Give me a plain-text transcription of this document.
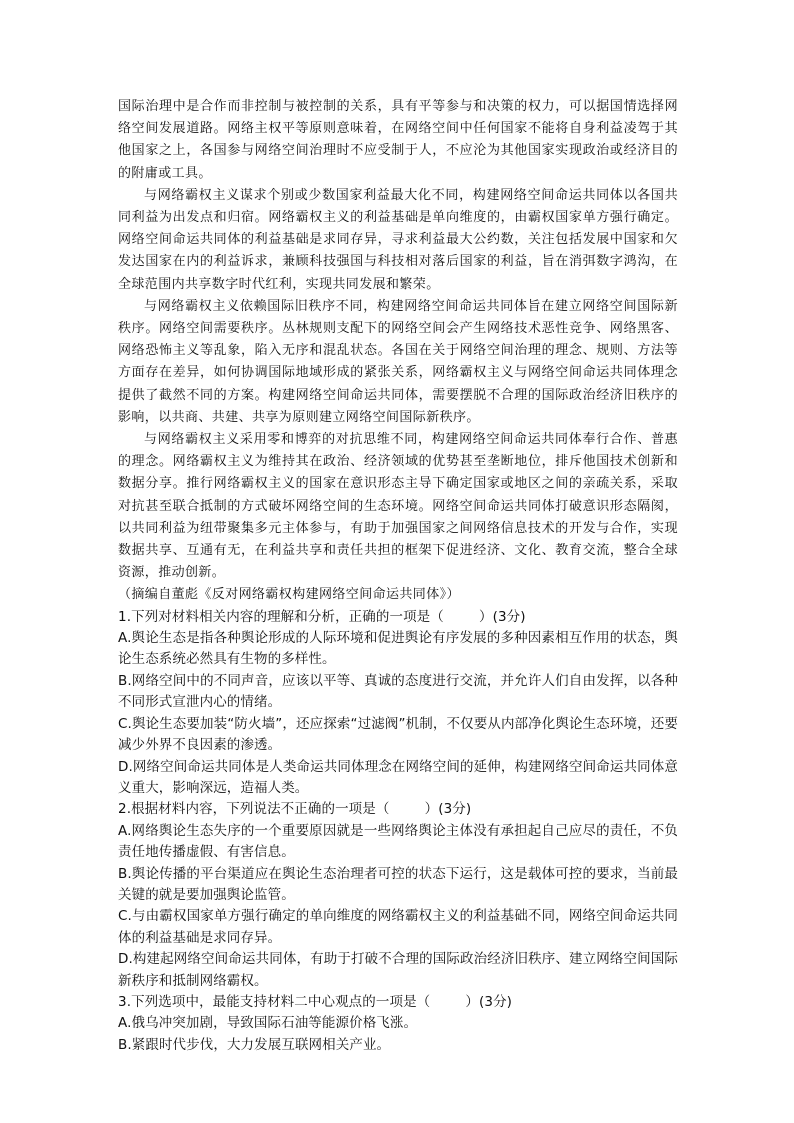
国际治理中是合作而非控制与被控制的关系，具有平等参与和决策的权力，可以据国情选择网络空间发展道路。网络主权平等原则意味着，在网络空间中任何国家不能将自身利益凌驾于其他国家之上，各国参与网络空间治理时不应受制于人，不应沦为其他国家实现政治或经济目的的附庸或工具。

与网络霸权主义谋求个别或少数国家利益最大化不同，构建网络空间命运共同体以各国共同利益为出发点和归宿。网络霸权主义的利益基础是单向维度的，由霸权国家单方强行确定。网络空间命运共同体的利益基础是求同存异，寻求利益最大公约数，关注包括发展中国家和欠发达国家在内的利益诉求，兼顾科技强国与科技相对落后国家的利益，旨在消弭数字鸿沟，在全球范围内共享数字时代红利，实现共同发展和繁荣。

与网络霸权主义依赖国际旧秩序不同，构建网络空间命运共同体旨在建立网络空间国际新秩序。网络空间需要秩序。丛林规则支配下的网络空间会产生网络技术恶性竞争、网络黑客、网络恐怖主义等乱象，陷入无序和混乱状态。各国在关于网络空间治理的理念、规则、方法等方面存在差异，如何协调国际地域形成的紧张关系，网络霸权主义与网络空间命运共同体理念提供了截然不同的方案。构建网络空间命运共同体，需要摆脱不合理的国际政治经济旧秩序的影响，以共商、共建、共享为原则建立网络空间国际新秩序。

与网络霸权主义采用零和博弈的对抗思维不同，构建网络空间命运共同体奉行合作、普惠的理念。网络霸权主义为维持其在政治、经济领域的优势甚至垄断地位，排斥他国技术创新和数据分享。推行网络霸权主义的国家在意识形态主导下确定国家或地区之间的亲疏关系，采取对抗甚至联合抵制的方式破坏网络空间的生态环境。网络空间命运共同体打破意识形态隔阂，以共同利益为纽带聚集多元主体参与，有助于加强国家之间网络信息技术的开发与合作，实现数据共享、互通有无，在利益共享和责任共担的框架下促进经济、文化、教育交流，整合全球资源，推动创新。

（摘编自董彪《反对网络霸权构建网络空间命运共同体》）

1.下列对材料相关内容的理解和分析，正确的一项是（        ）(3分)

A.舆论生态是指各种舆论形成的人际环境和促进舆论有序发展的多种因素相互作用的状态，舆论生态系统必然具有生物的多样性。

B.网络空间中的不同声音，应该以平等、真诚的态度进行交流，并允许人们自由发挥，以各种不同形式宣泄内心的情绪。

C.舆论生态要加装“防火墙”，还应探索“过滤阀”机制，不仅要从内部净化舆论生态环境，还要减少外界不良因素的渗透。

D.网络空间命运共同体是人类命运共同体理念在网络空间的延伸，构建网络空间命运共同体意义重大，影响深远，造福人类。

2.根据材料内容，下列说法不正确的一项是（        ）(3分)

A.网络舆论生态失序的一个重要原因就是一些网络舆论主体没有承担起自己应尽的责任，不负责任地传播虚假、有害信息。

B.舆论传播的平台渠道应在舆论生态治理者可控的状态下运行，这是载体可控的要求，当前最关键的就是要加强舆论监管。

C.与由霸权国家单方强行确定的单向维度的网络霸权主义的利益基础不同，网络空间命运共同体的利益基础是求同存异。

D.构建起网络空间命运共同体，有助于打破不合理的国际政治经济旧秩序、建立网络空间国际新秩序和抵制网络霸权。

3.下列选项中，最能支持材料二中心观点的一项是（        ）(3分)

A.俄乌冲突加剧，导致国际石油等能源价格飞涨。

B.紧跟时代步伐，大力发展互联网相关产业。
